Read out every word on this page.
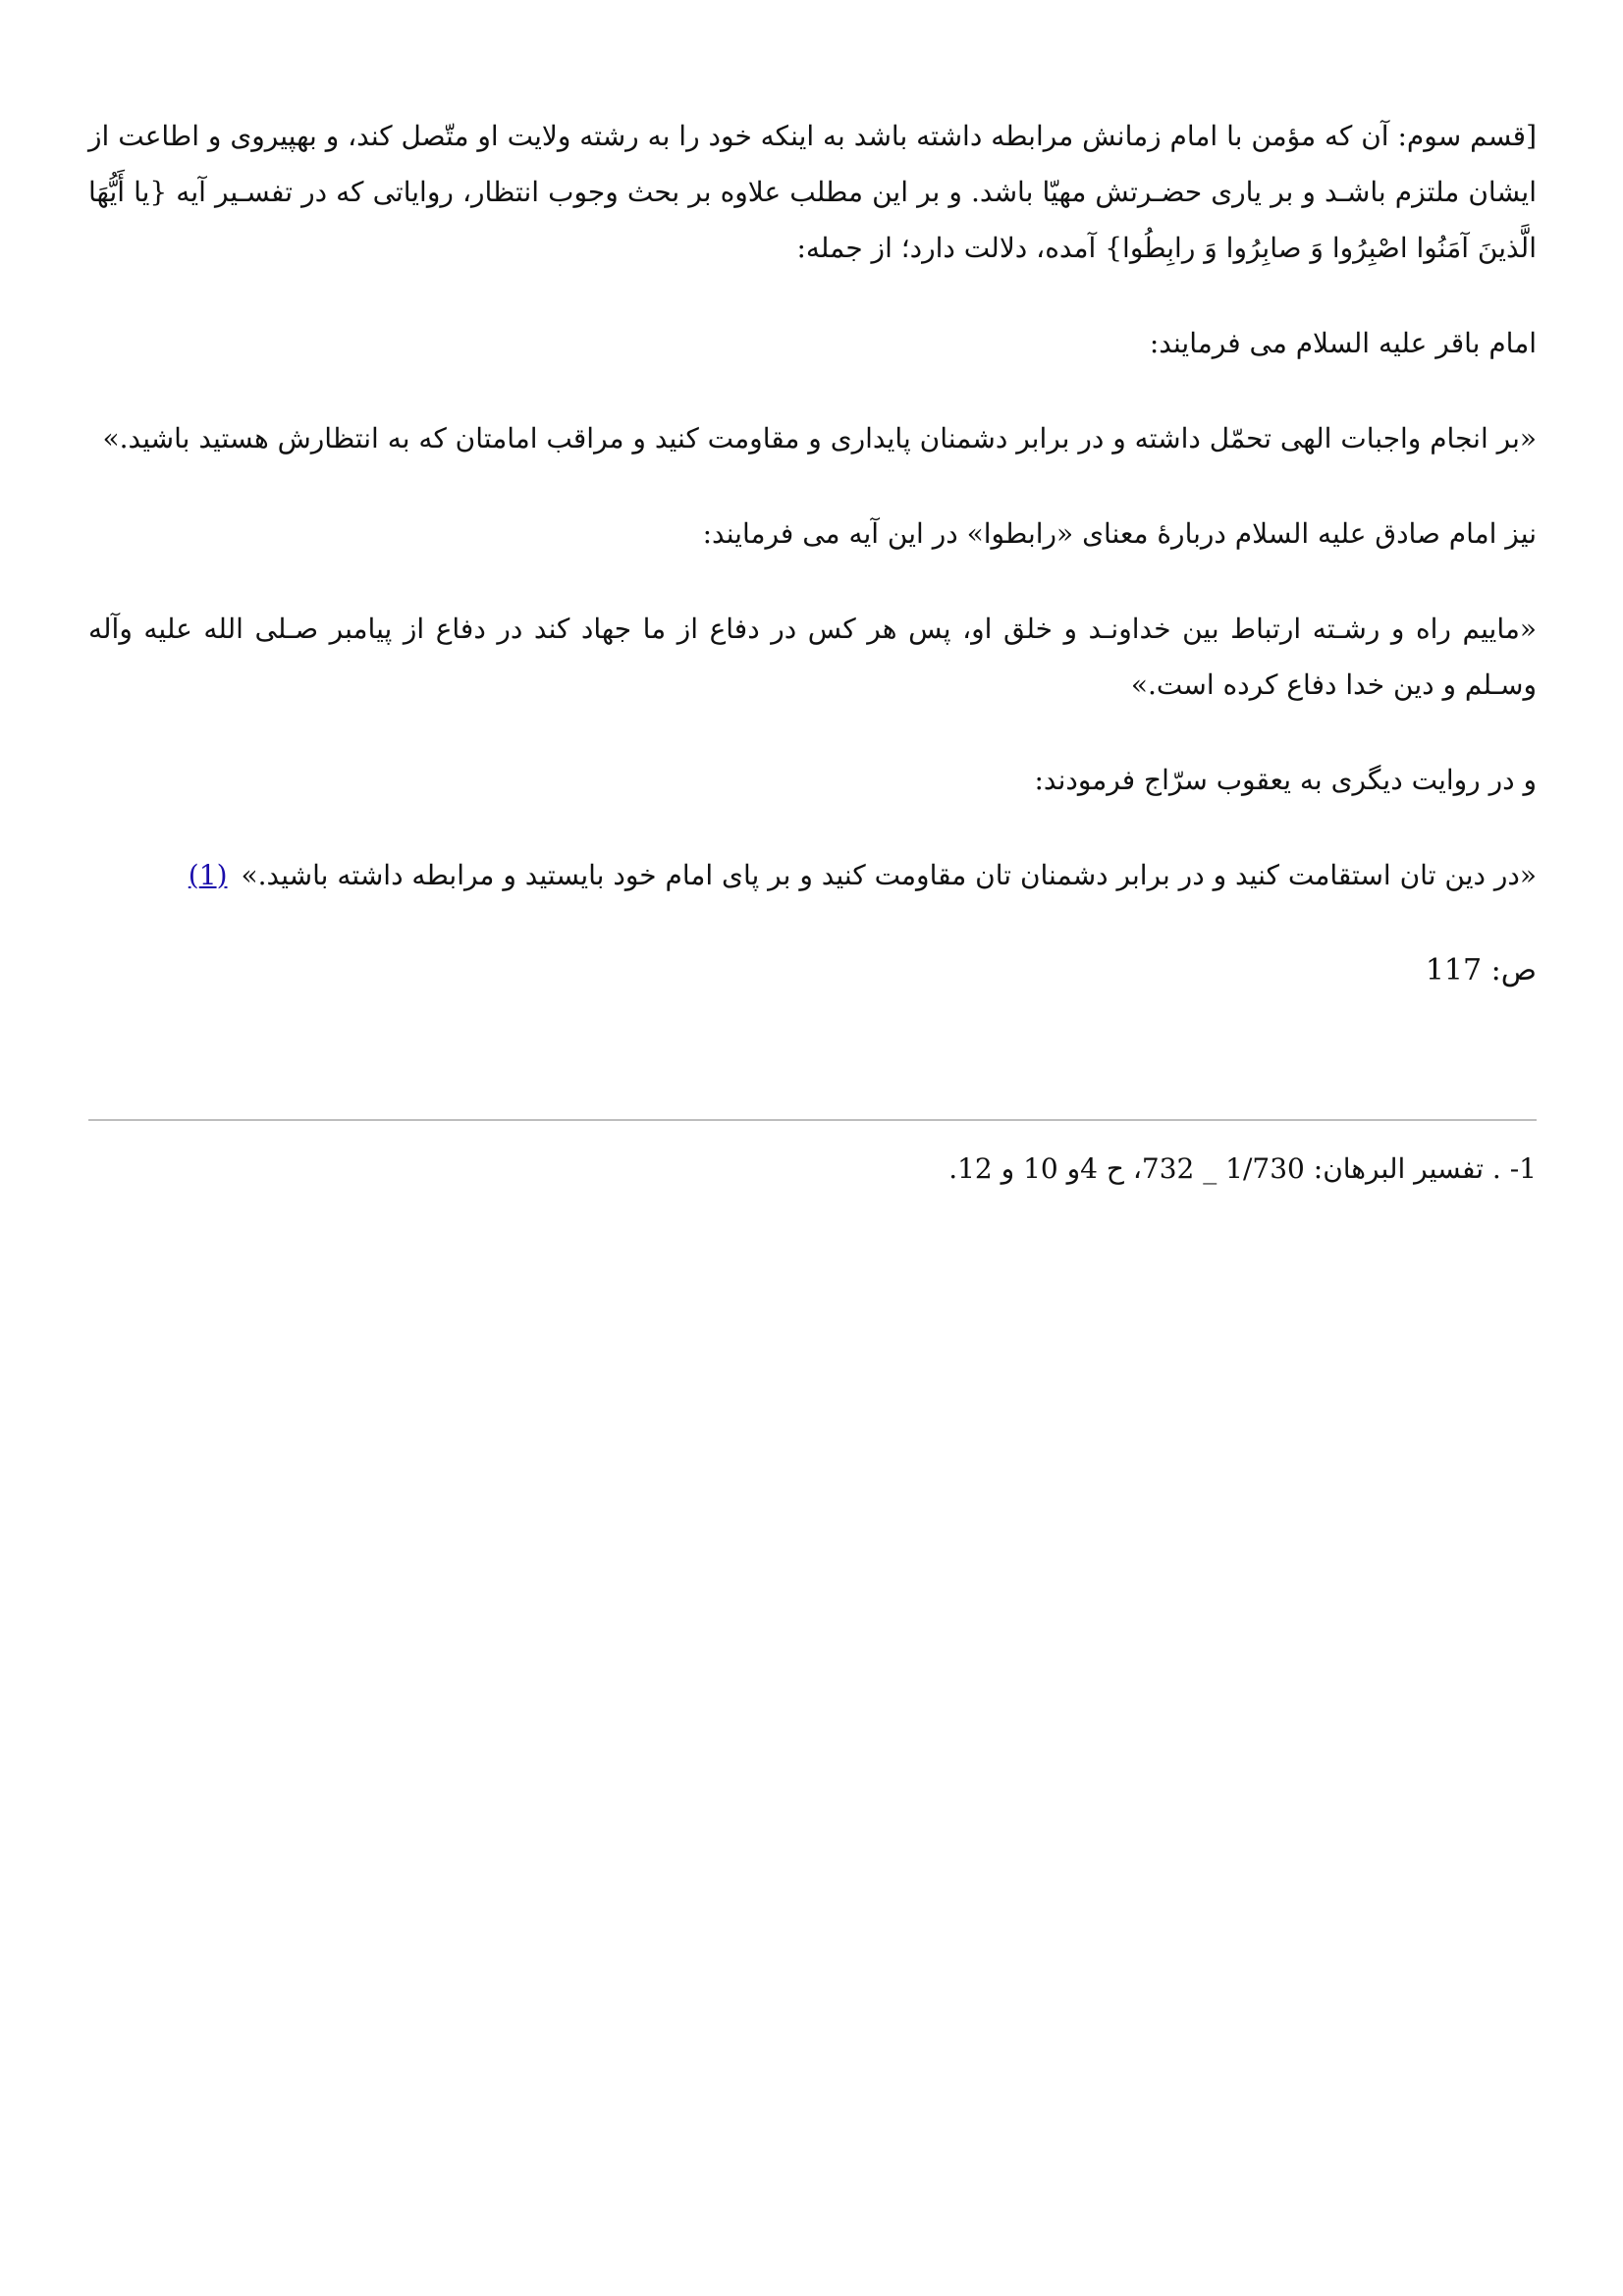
[قسم سوم: آن که مؤمن با امام زمانش مرابطه داشته باشد به اینکه خود را به رشته ولایت او متّصل کند، و بهپیروی و اطاعت از ایشان ملتزم باشـد و بر یاری حضـرتش مهیّا باشد. و بر این مطلب علاوه بر بحث وجوب انتظار، روایاتی که در تفسـیر آیه {یا أَیُّهَا الَّذینَ آمَنُوا اصْبِرُوا وَ صابِرُوا وَ رابِطُوا} آمده، دلالت دارد؛ از جمله:

امام باقر علیه السلام می فرمایند:

«بر انجام واجبات الهی تحمّل داشته و در برابر دشمنان پایداری و مقاومت کنید و مراقب امامتان که به انتظارش هستید باشید.»

نیز امام صادق علیه السلام دربارۀ معنای «رابطوا» در این آیه می فرمایند:

«ماییم راه و رشـته ارتباط بین خداونـد و خلق او، پس هر کس در دفاع از ما جهاد کند در دفاع از پیامبر صـلی الله علیه وآله وسـلم و دین خدا دفاع کرده است.»

و در روایت دیگری به یعقوب سرّاج فرمودند:

«در دین تان استقامت کنید و در برابر دشمنان تان مقاومت کنید و بر پای امام خود بایستید و مرابطه داشته باشید.»(1)

ص: 117
1- . تفسیر البرهان: 1/730 _ 732، ح 4و 10 و 12.
